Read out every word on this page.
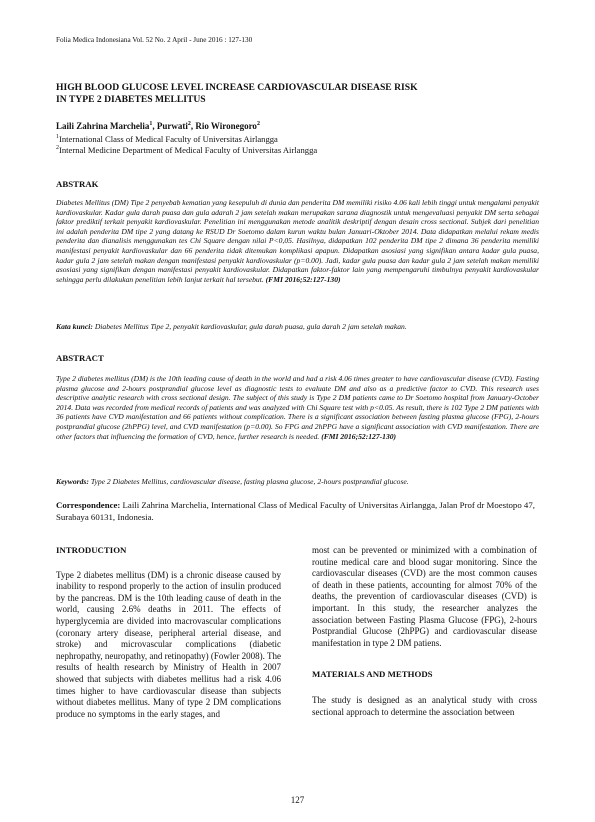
Folia Medica Indonesiana Vol. 52 No. 2 April - June 2016 : 127-130
HIGH BLOOD GLUCOSE LEVEL INCREASE CARDIOVASCULAR DISEASE RISK
IN TYPE 2 DIABETES MELLITUS
Laili Zahrina Marchelia$^1$, Purwati$^2$, Rio Wironegoro$^2$
$^1$International Class of Medical Faculty of Universitas Airlangga
$^2$Internal Medicine Department of Medical Faculty of Universitas Airlangga
ABSTRAK
Diabetes Mellitus (DM) Tipe 2 penyebab kematian yang kesepuluh di dunia dan penderita DM memiliki risiko 4.06 kali lebih tinggi untuk mengalami penyakit kardiovaskular. Kadar gula darah puasa dan gula adarah 2 jam setelah makan merupakan sarana diagnostik untuk mengevaluasi penyakit DM serta sebagai faktor prediktif terkait penyakit kardiovaskular. Penelitian ini menggunakan metode analitik deskriptif dengan desain cross sectional. Subjek dari penelitian ini adalah penderita DM tipe 2 yang datang ke RSUD Dr Soetomo dalam kurun waktu bulan Januari-Oktober 2014. Data didapatkan melalui rekam medis penderita dan dianalisis menggunakan tes Chi Square dengan nilai P<0,05. Hasilnya, didapatkan 102 penderita DM tipe 2 dimana 36 penderita memiliki manifestasi penyakit kardiovaskular dan 66 penderita tidak ditemukan komplikasi apapun. Didapatkan asosiasi yang signifikan antara kadar gula puasa, kadar gula 2 jam setelah makan dengan manifestasi penyakit kardiovaskular (p=0.00). Jadi, kadar gula puasa dan kadar gula 2 jam setelah makan memiliki asosiasi yang signifikan dengan manifestasi penyakit kardiovaskular. Didapatkan faktor-faktor lain yang mempengaruhi timbulnya penyakit kardiovaskular sehingga perlu dilakukan penelitian lebih lanjut terkait hal tersebut. (FMI 2016;52:127-130)
Kata kunci: Diabetes Mellitus Tipe 2, penyakit kardiovaskular, gula darah puasa, gula darah 2 jam setelah makan.
ABSTRACT
Type 2 diabetes mellitus (DM) is the 10th leading cause of death in the world and had a risk 4.06 times greater to have cardiovascular disease (CVD). Fasting plasma glucose and 2-hours postprandial glucose level as diagnostic tests to evaluate DM and also as a predictive factor to CVD. This research uses descriptive analytic research with cross sectional design. The subject of this study is Type 2 DM patients came to Dr Soetomo hospital from January-October 2014. Data was recorded from medical records of patients and was analyzed with Chi Square test with p<0.05. As result, there is 102 Type 2 DM patients with 36 patients have CVD manifestation and 66 patients without complication. There is a significant association between fasting plasma glucose (FPG), 2-hours postprandial glucose (2hPPG) level, and CVD manifestation (p=0.00). So FPG and 2hPPG have a significant association with CVD manifestation. There are other factors that influencing the formation of CVD, hence, further research is needed. (FMI 2016;52:127-130)
Keywords: Type 2 Diabetes Mellitus, cardiovascular disease, fasting plasma glucose, 2-hours postprandial glucose.
Correspondence: Laili Zahrina Marchelia, International Class of Medical Faculty of Universitas Airlangga, Jalan Prof dr Moestopo 47, Surabaya 60131, Indonesia.
INTRODUCTION

Type 2 diabetes mellitus (DM) is a chronic disease caused by inability to respond properly to the action of insulin produced by the pancreas. DM is the 10th leading cause of death in the world, causing 2.6% deaths in 2011. The effects of hyperglycemia are divided into macrovascular complications (coronary artery disease, peripheral arterial disease, and stroke) and microvascular complications (diabetic nephropathy, neuropathy, and retinopathy) (Fowler 2008). The results of health research by Ministry of Health in 2007 showed that subjects with diabetes mellitus had a risk 4.06 times higher to have cardiovascular disease than subjects without diabetes mellitus. Many of type 2 DM complications produce no symptoms in the early stages, and

most can be prevented or minimized with a combination of routine medical care and blood sugar monitoring. Since the cardiovascular diseases (CVD) are the most common causes of death in these patients, accounting for almost 70% of the deaths, the prevention of cardiovascular diseases (CVD) is important. In this study, the researcher analyzes the association between Fasting Plasma Glucose (FPG), 2-hours Postprandial Glucose (2hPPG) and cardiovascular disease manifestation in type 2 DM patiens.

MATERIALS AND METHODS

The study is designed as an analytical study with cross sectional approach to determine the association between

127
